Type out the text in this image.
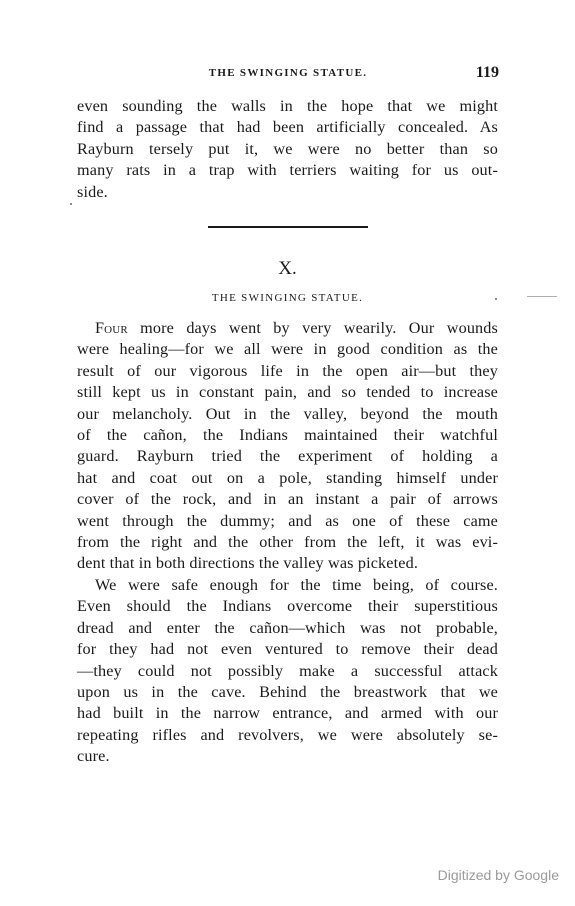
THE SWINGING STATUE.	119
even sounding the walls in the hope that we might
find a passage that had been artificially concealed. As
Rayburn tersely put it, we were no better than so
many rats in a trap with terriers waiting for us out-
side.
X.
THE SWINGING STATUE.
Four more days went by very wearily. Our wounds
were healing—for we all were in good condition as the
result of our vigorous life in the open air—but they
still kept us in constant pain, and so tended to increase
our melancholy. Out in the valley, beyond the mouth
of the cañon, the Indians maintained their watchful
guard. Rayburn tried the experiment of holding a
hat and coat out on a pole, standing himself under
cover of the rock, and in an instant a pair of arrows
went through the dummy; and as one of these came
from the right and the other from the left, it was evi-
dent that in both directions the valley was picketed.
We were safe enough for the time being, of course.
Even should the Indians overcome their superstitious
dread and enter the cañon—which was not probable,
for they had not even ventured to remove their dead
—they could not possibly make a successful attack
upon us in the cave. Behind the breastwork that we
had built in the narrow entrance, and armed with our
repeating rifles and revolvers, we were absolutely se-
cure.
Digitized by Google
